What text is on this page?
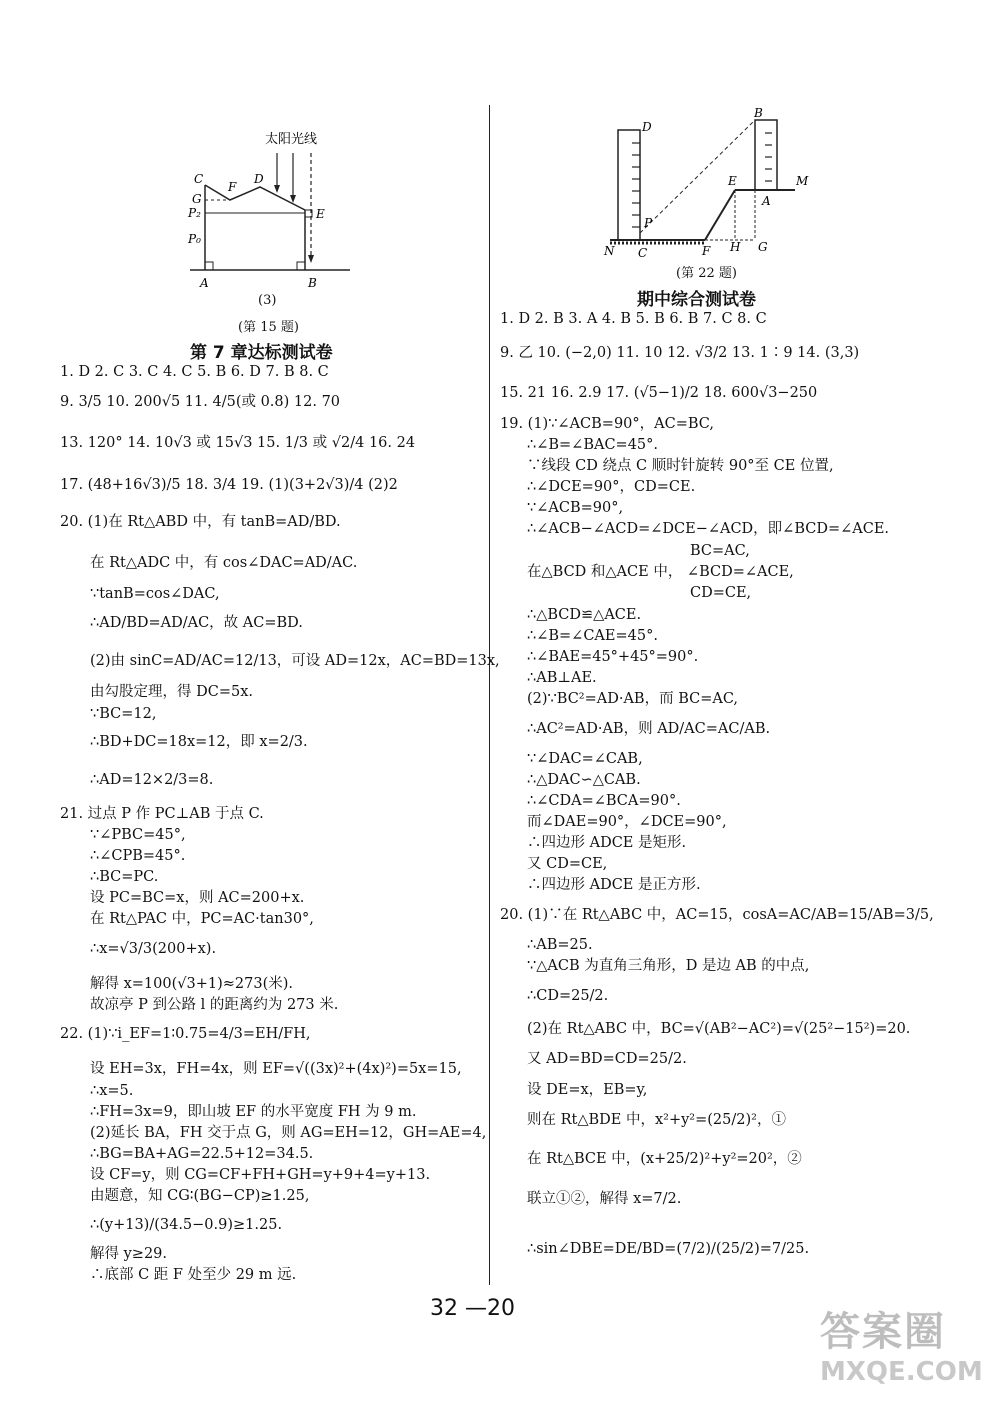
太阳光线
C
F
D
G
P₂	E
P₀
A	B
(3)
(第 15 题)
第 7 章达标测试卷
1. D 2. C 3. C 4. C 5. B 6. D 7. B 8. C
9. 3/5 10. 200√5 11. 4/5(或 0.8) 12. 70
13. 120° 14. 10√3 或 15√3 15. 1/3 或 √2/4 16. 24
17. (48+16√3)/5 18. 3/4 19. (1)(3+2√3)/4 (2)2
20. (1)在 Rt△ABD 中，有 tanB=AD/BD.
在 Rt△ADC 中，有 cos∠DAC=AD/AC.
∵tanB=cos∠DAC,
∴AD/BD=AD/AC，故 AC=BD.
(2)由 sinC=AD/AC=12/13，可设 AD=12x，AC=BD=13x,
由勾股定理，得 DC=5x.
∵BC=12,
∴BD+DC=18x=12，即 x=2/3.
∴AD=12×2/3=8.
21. 过点 P 作 PC⊥AB 于点 C.
∵∠PBC=45°,
∴∠CPB=45°.
∴BC=PC.
设 PC=BC=x，则 AC=200+x.
在 Rt△PAC 中，PC=AC·tan30°,
∴x=√3/3(200+x).
解得 x=100(√3+1)≈273(米).
故凉亭 P 到公路 l 的距离约为 273 米.
22. (1)∵i_EF=1∶0.75=4/3=EH/FH,
设 EH=3x，FH=4x，则 EF=√((3x)²+(4x)²)=5x=15,
∴x=5.
∴FH=3x=9，即山坡 EF 的水平宽度 FH 为 9 m.
(2)延长 BA，FH 交于点 G，则 AG=EH=12，GH=AE=4,
∴BG=BA+AG=22.5+12=34.5.
设 CF=y，则 CG=CF+FH+GH=y+9+4=y+13.
由题意，知 CG∶(BG−CP)≥1.25,
∴(y+13)/(34.5−0.9)≥1.25.
解得 y≥29.
∴底部 C 距 F 处至少 29 m 远.
D
B
M
E
A
P
N C	F H G
(第 22 题)
期中综合测试卷
1. D 2. B 3. A 4. B 5. B 6. B 7. C 8. C
9. 乙 10. (−2,0) 11. 10 12. √3/2 13. 1∶9 14. (3,3)
15. 21 16. 2.9 17. (√5−1)/2 18. 600√3−250
19. (1)∵∠ACB=90°，AC=BC,
∴∠B=∠BAC=45°.
∵线段 CD 绕点 C 顺时针旋转 90°至 CE 位置,
∴∠DCE=90°，CD=CE.
∵∠ACB=90°,
∴∠ACB−∠ACD=∠DCE−∠ACD，即∠BCD=∠ACE.
BC=AC,
在△BCD 和△ACE 中， ∠BCD=∠ACE,
CD=CE,
∴△BCD≌△ACE.
∴∠B=∠CAE=45°.
∴∠BAE=45°+45°=90°.
∴AB⊥AE.
(2)∵BC²=AD·AB，而 BC=AC,
∴AC²=AD·AB，则 AD/AC=AC/AB.
∵∠DAC=∠CAB,
∴△DAC∽△CAB.
∴∠CDA=∠BCA=90°.
而∠DAE=90°，∠DCE=90°,
∴四边形 ADCE 是矩形.
又 CD=CE,
∴四边形 ADCE 是正方形.
20. (1)∵在 Rt△ABC 中，AC=15，cosA=AC/AB=15/AB=3/5,
∴AB=25.
∵△ACB 为直角三角形，D 是边 AB 的中点,
∴CD=25/2.
(2)在 Rt△ABC 中，BC=√(AB²−AC²)=√(25²−15²)=20.
又 AD=BD=CD=25/2.
设 DE=x，EB=y,
则在 Rt△BDE 中，x²+y²=(25/2)²，①
在 Rt△BCE 中，(x+25/2)²+y²=20²，②
联立①②，解得 x=7/2.
∴sin∠DBE=DE/BD=(7/2)/(25/2)=7/25.
32 —20
答案圈
MXQE.COM
